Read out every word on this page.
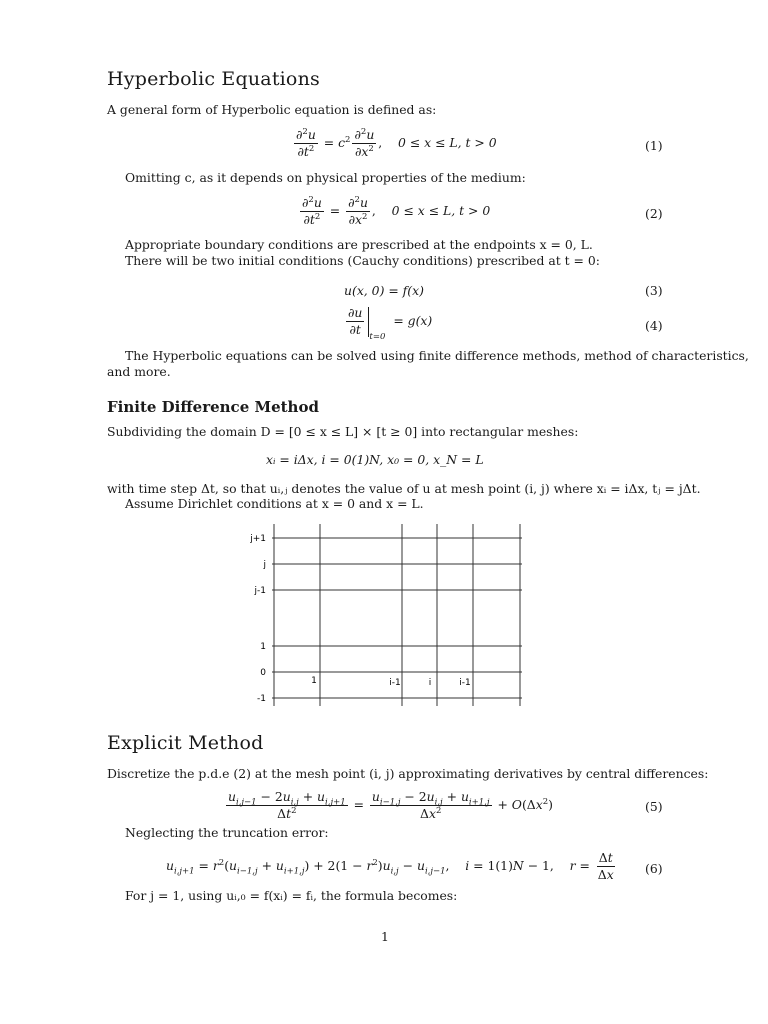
Hyperbolic Equations
A general form of Hyperbolic equation is defined as:
$\frac{\partial^2u}{\partial t^2} = c^2 \frac{\partial^2u}{\partial x^2}$ ,    0 ≤ x ≤ L, t > 0	(1)
Omitting c, as it depends on physical properties of the medium:
$\frac{\partial^2u}{\partial t^2} = \frac{\partial^2u}{\partial x^2}$ ,    0 ≤ x ≤ L, t > 0	(2)
Appropriate boundary conditions are prescribed at the endpoints x = 0, L.
There will be two initial conditions (Cauchy conditions) prescribed at t = 0:
u(x, 0) = f(x)	(3)
$\frac{\partial u}{\partial t} _{t=0} = g(x)$	(4)
The Hyperbolic equations can be solved using finite difference methods, method of characteristics,
and more.
Finite Difference Method
Subdividing the domain D = [0 ≤ x ≤ L] × [t ≥ 0] into rectangular meshes:
xᵢ = iΔx, i = 0(1)N, x₀ = 0, x_N = L
with time step Δt, so that uᵢ,ⱼ denotes the value of u at mesh point (i, j) where xᵢ = iΔx, tⱼ = jΔt.
Assume Dirichlet conditions at x = 0 and x = L.
j+1
j
j-1
1
0
-1
1	i-1	i	i-1
Explicit Method
Discretize the p.d.e (2) at the mesh point (i, j) approximating derivatives by central differences:
$\frac{u_{i,j-1} - 2u_{i,j} + u_{i,j+1}}{\Delta t^2} = \frac{u_{i-1,j} - 2u_{i,j} + u_{i+1,j}}{\Delta x^2} + O(\Delta x^2)$	(5)
Neglecting the truncation error:
$u_{i,j+1} = r^2(u_{i-1,j} + u_{i+1,j}) + 2(1 - r^2)u_{i,j} - u_{i,j-1}$,    i = 1(1)N − 1,    $r = \frac{\Delta t}{\Delta x} (6)$
For j = 1, using uᵢ,₀ = f(xᵢ) = fᵢ, the formula becomes:
1
